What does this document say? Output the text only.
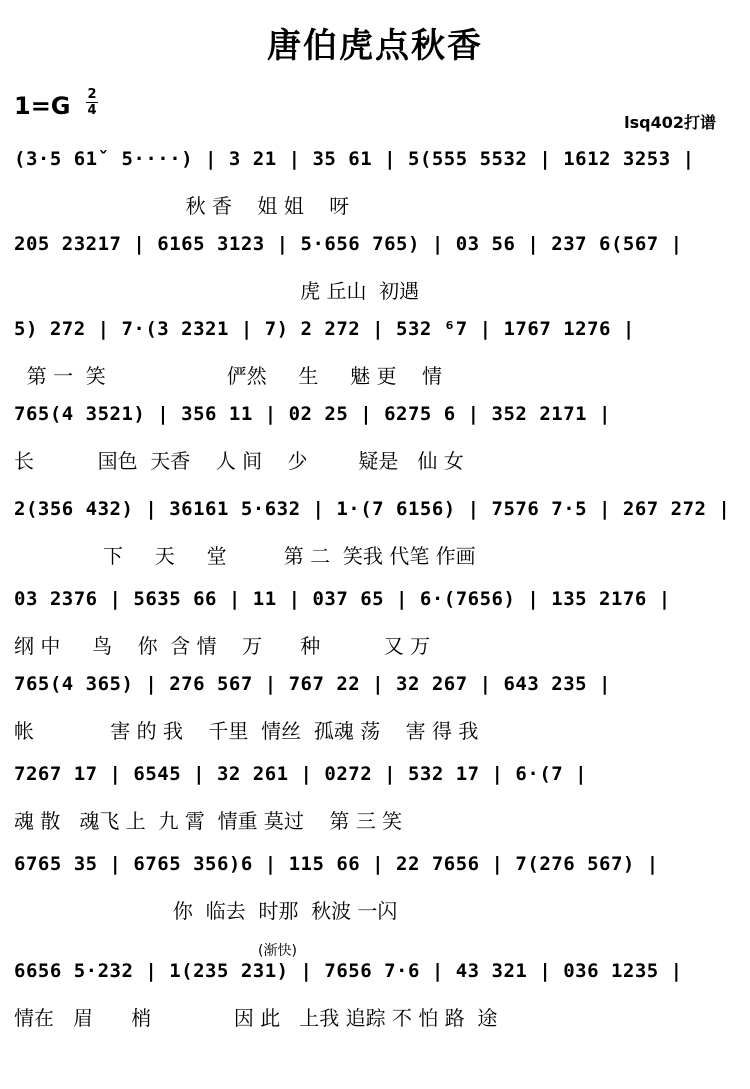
唐伯虎点秋香
1=G 2
4
lsq402打谱
(3·5 61ˇ 5····) | 3 21 | 35 61 | 5(555 5532 | 1612 3253 |
秋 香    姐 姐    呀
205 23217 | 6165 3123 | 5·656 765) | 03 56 | 237 6(567 |
虎 丘山  初遇
5) 272 | 7·(3 2321 | 7) 2 272 | 532 ⁶7 | 1767 1276 |
第 一  笑                   俨然     生     魅 更    情
765(4 3521) | 356 11 | 02 25 | 6275 6 | 352 2171 |
长          国色  天香    人 间    少        疑是   仙 女
2(356 432) | 36161 5·632 | 1·(7 6156) | 7576 7·5 | 267 272 |
下     天     堂         第 二  笑我 代笔 作画
03 2376 | 5635 66 | 11 | 037 65 | 6·(7656) | 135 2176 |
纲 中     鸟    你  含 情    万      种          又 万
765(4 365) | 276 567 | 767 22 | 32 267 | 643 235 |
帐            害 的 我    千里  情丝  孤魂 荡    害 得 我
7267 17 | 6545 | 32 261 | 0272 | 532 17 | 6·(7 |
魂 散   魂飞 上  九 霄  情重 莫过    第 三 笑
6765 35 | 6765 356)6 | 115 66 | 22 7656 | 7(276 567) |
你  临去  时那  秋波 一闪
6656 5·232 | 1(235 231) | 7656 7·6 | 43 321 | 036 1235 |
情在   眉      梢             因 此   上我 追踪 不 怕 路  途
(渐快)
